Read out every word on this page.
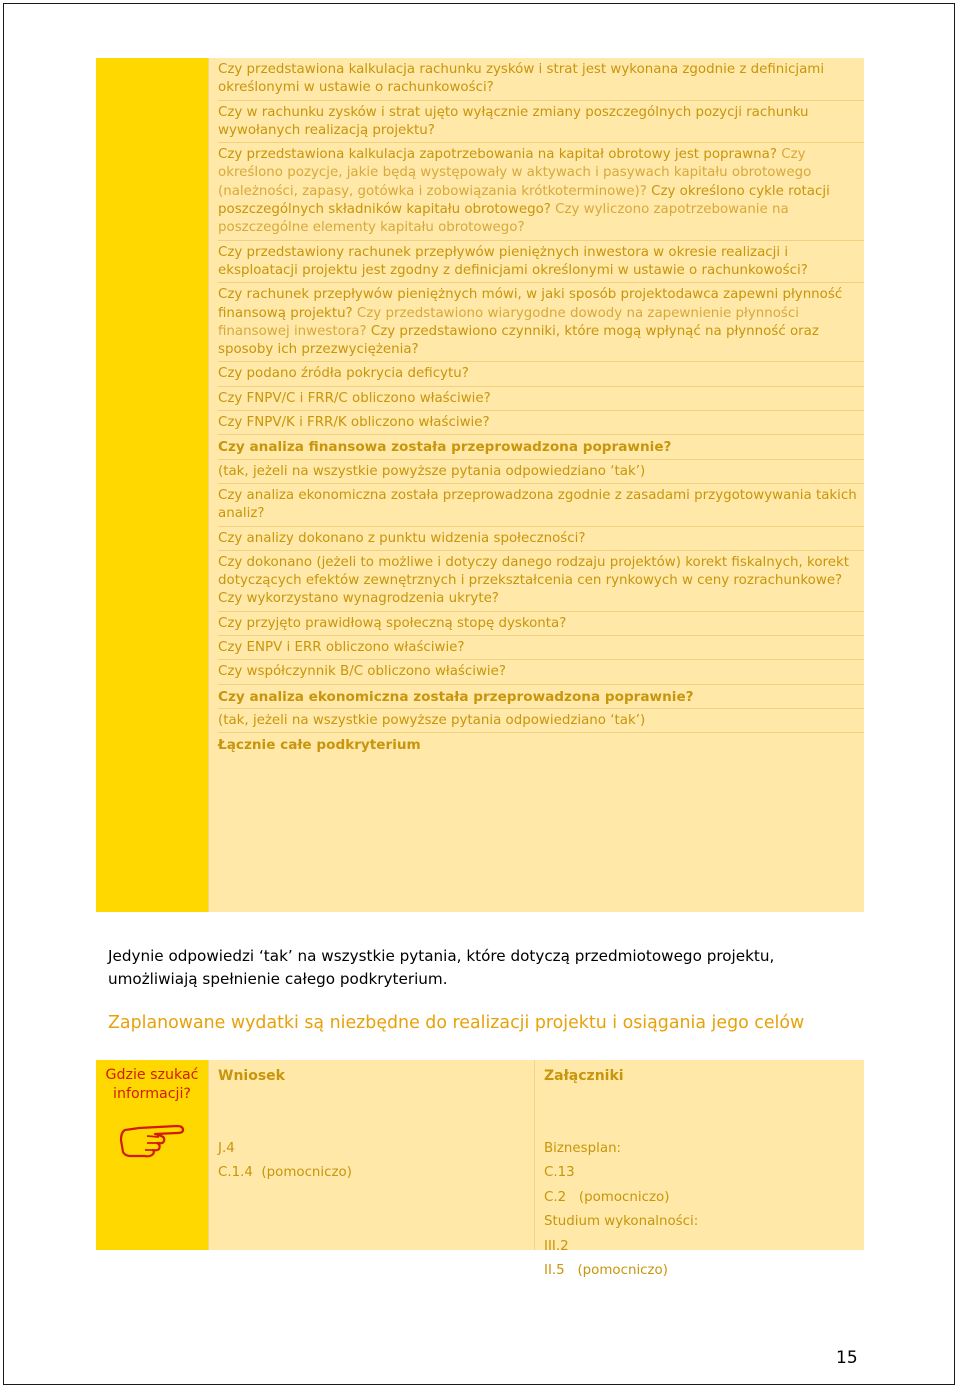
Czy przedstawiona kalkulacja rachunku zysków i strat jest wykonana zgodnie z definicjami określonymi w ustawie o rachunkowości?
Czy w rachunku zysków i strat ujęto wyłącznie zmiany poszczególnych pozycji rachunku wywołanych realizacją projektu?
Czy przedstawiona kalkulacja zapotrzebowania na kapitał obrotowy jest poprawna? Czy określono pozycje, jakie będą występowały w aktywach i pasywach kapitału obrotowego (należności, zapasy, gotówka i zobowiązania krótkoterminowe)? Czy określono cykle rotacji poszczególnych składników kapitału obrotowego? Czy wyliczono zapotrzebowanie na poszczególne elementy kapitału obrotowego?
Czy przedstawiony rachunek przepływów pieniężnych inwestora w okresie realizacji i eksploatacji projektu jest zgodny z definicjami określonymi w ustawie o rachunkowości?
Czy rachunek przepływów pieniężnych mówi, w jaki sposób projektodawca zapewni płynność finansową projektu? Czy przedstawiono wiarygodne dowody na zapewnienie płynności finansowej inwestora? Czy przedstawiono czynniki, które mogą wpłynąć na płynność oraz sposoby ich przezwyciężenia?
Czy podano źródła pokrycia deficytu?
Czy FNPV/C i FRR/C obliczono właściwie?
Czy FNPV/K i FRR/K obliczono właściwie?
Czy analiza finansowa została przeprowadzona poprawnie?
(tak, jeżeli na wszystkie powyższe pytania odpowiedziano ‘tak’)
Czy analiza ekonomiczna została przeprowadzona zgodnie z zasadami przygotowywania takich analiz?
Czy analizy dokonano z punktu widzenia społeczności?
Czy dokonano (jeżeli to możliwe i dotyczy danego rodzaju projektów) korekt fiskalnych, korekt dotyczących efektów zewnętrznych i przekształcenia cen rynkowych w ceny rozrachunkowe? Czy wykorzystano wynagrodzenia ukryte?
Czy przyjęto prawidłową społeczną stopę dyskonta?
Czy ENPV i ERR obliczono właściwie?
Czy współczynnik B/C obliczono właściwie?
Czy analiza ekonomiczna została przeprowadzona poprawnie?
(tak, jeżeli na wszystkie powyższe pytania odpowiedziano ‘tak’)
Łącznie całe podkryterium
Jedynie odpowiedzi ‘tak’ na wszystkie pytania, które dotyczą przedmiotowego projektu, umożliwiają spełnienie całego podkryterium.
Zaplanowane wydatki są niezbędne do realizacji projektu i osiągania jego celów
Gdzie szukać informacji?
Wniosek
J.4
C.1.4  (pomocniczo)
Załączniki
Biznesplan:
C.13
C.2   (pomocniczo)
Studium wykonalności:
III.2
II.5   (pomocniczo)
15
